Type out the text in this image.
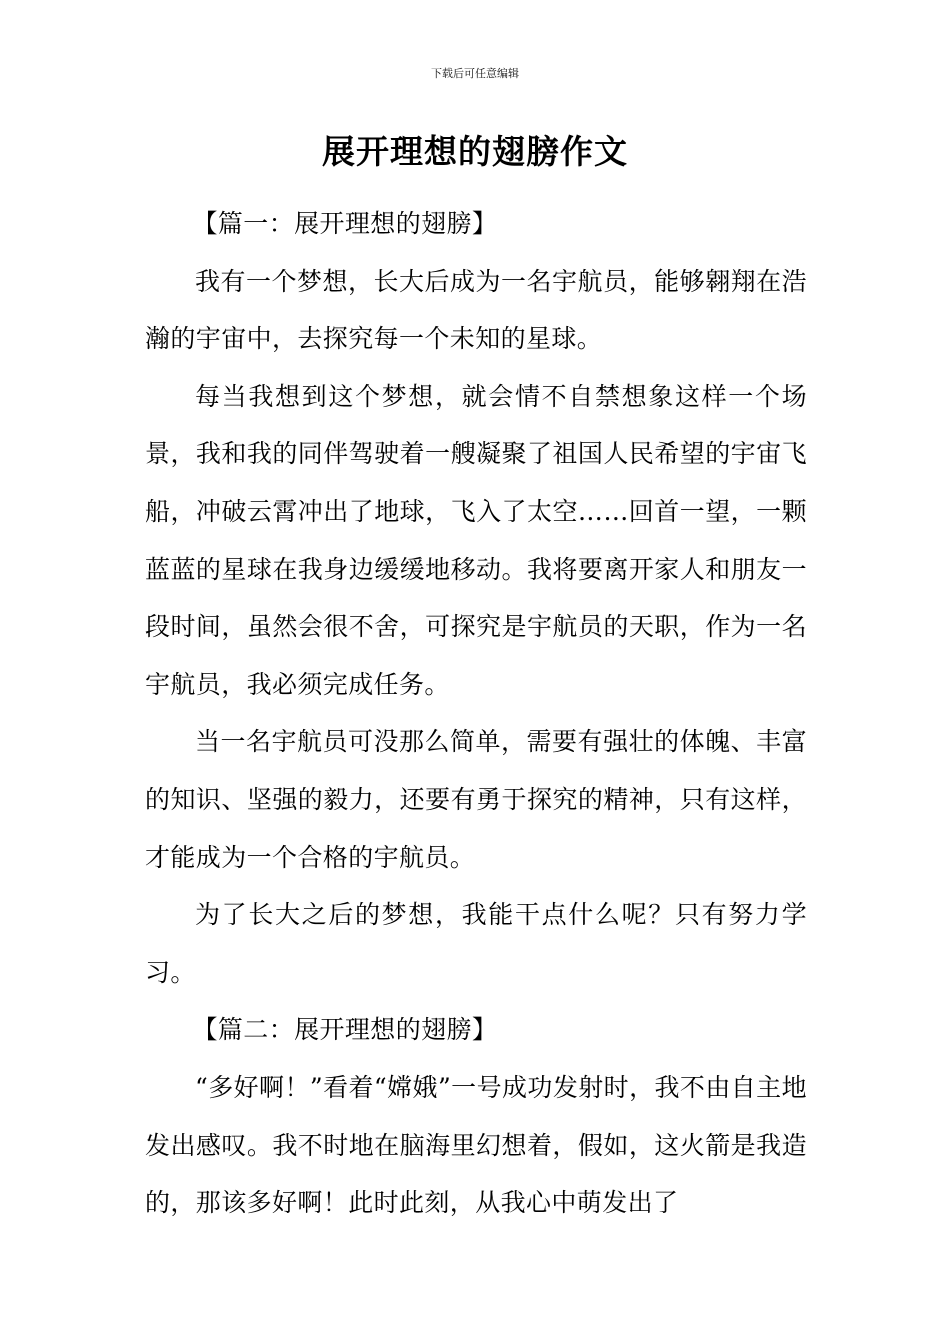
下载后可任意编辑
展开理想的翅膀作文

【篇一：展开理想的翅膀】

我有一个梦想，长大后成为一名宇航员，能够翱翔在浩瀚的宇宙中，去探究每一个未知的星球。

每当我想到这个梦想，就会情不自禁想象这样一个场景，我和我的同伴驾驶着一艘凝聚了祖国人民希望的宇宙飞船，冲破云霄冲出了地球，飞入了太空……回首一望，一颗蓝蓝的星球在我身边缓缓地移动。我将要离开家人和朋友一段时间，虽然会很不舍，可探究是宇航员的天职，作为一名宇航员，我必须完成任务。

当一名宇航员可没那么简单，需要有强壮的体魄、丰富的知识、坚强的毅力，还要有勇于探究的精神，只有这样，才能成为一个合格的宇航员。

为了长大之后的梦想，我能干点什么呢？只有努力学习。

【篇二：展开理想的翅膀】

“多好啊！”看着“嫦娥”一号成功发射时，我不由自主地发出感叹。我不时地在脑海里幻想着，假如，这火箭是我造的，那该多好啊！此时此刻，从我心中萌发出了
